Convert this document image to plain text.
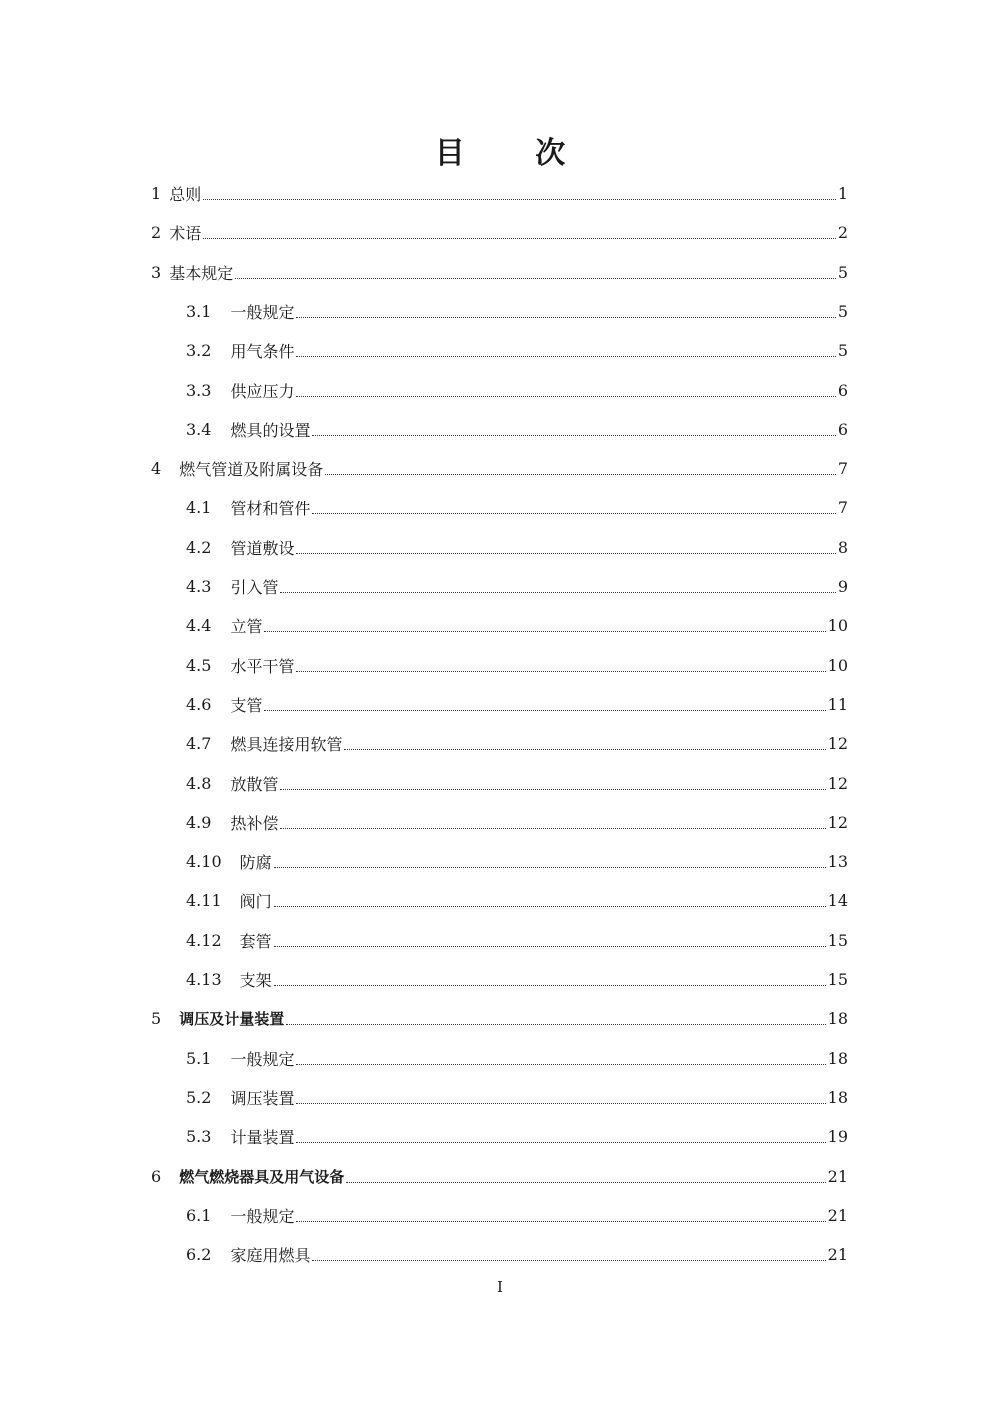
目 次
1 总则	1
2 术语	2
3 基本规定	5
3.1 一般规定	5
3.2 用气条件	5
3.3 供应压力	6
3.4 燃具的设置	6
4 燃气管道及附属设备	7
4.1 管材和管件	7
4.2 管道敷设	8
4.3 引入管	9
4.4 立管	10
4.5 水平干管	10
4.6 支管	11
4.7 燃具连接用软管	12
4.8 放散管	12
4.9 热补偿	12
4.10 防腐	13
4.11 阀门	14
4.12 套管	15
4.13 支架	15
5 调压及计量装置	18
5.1 一般规定	18
5.2 调压装置	18
5.3 计量装置	19
6 燃气燃烧器具及用气设备	21
6.1 一般规定	21
6.2 家庭用燃具	21
I
